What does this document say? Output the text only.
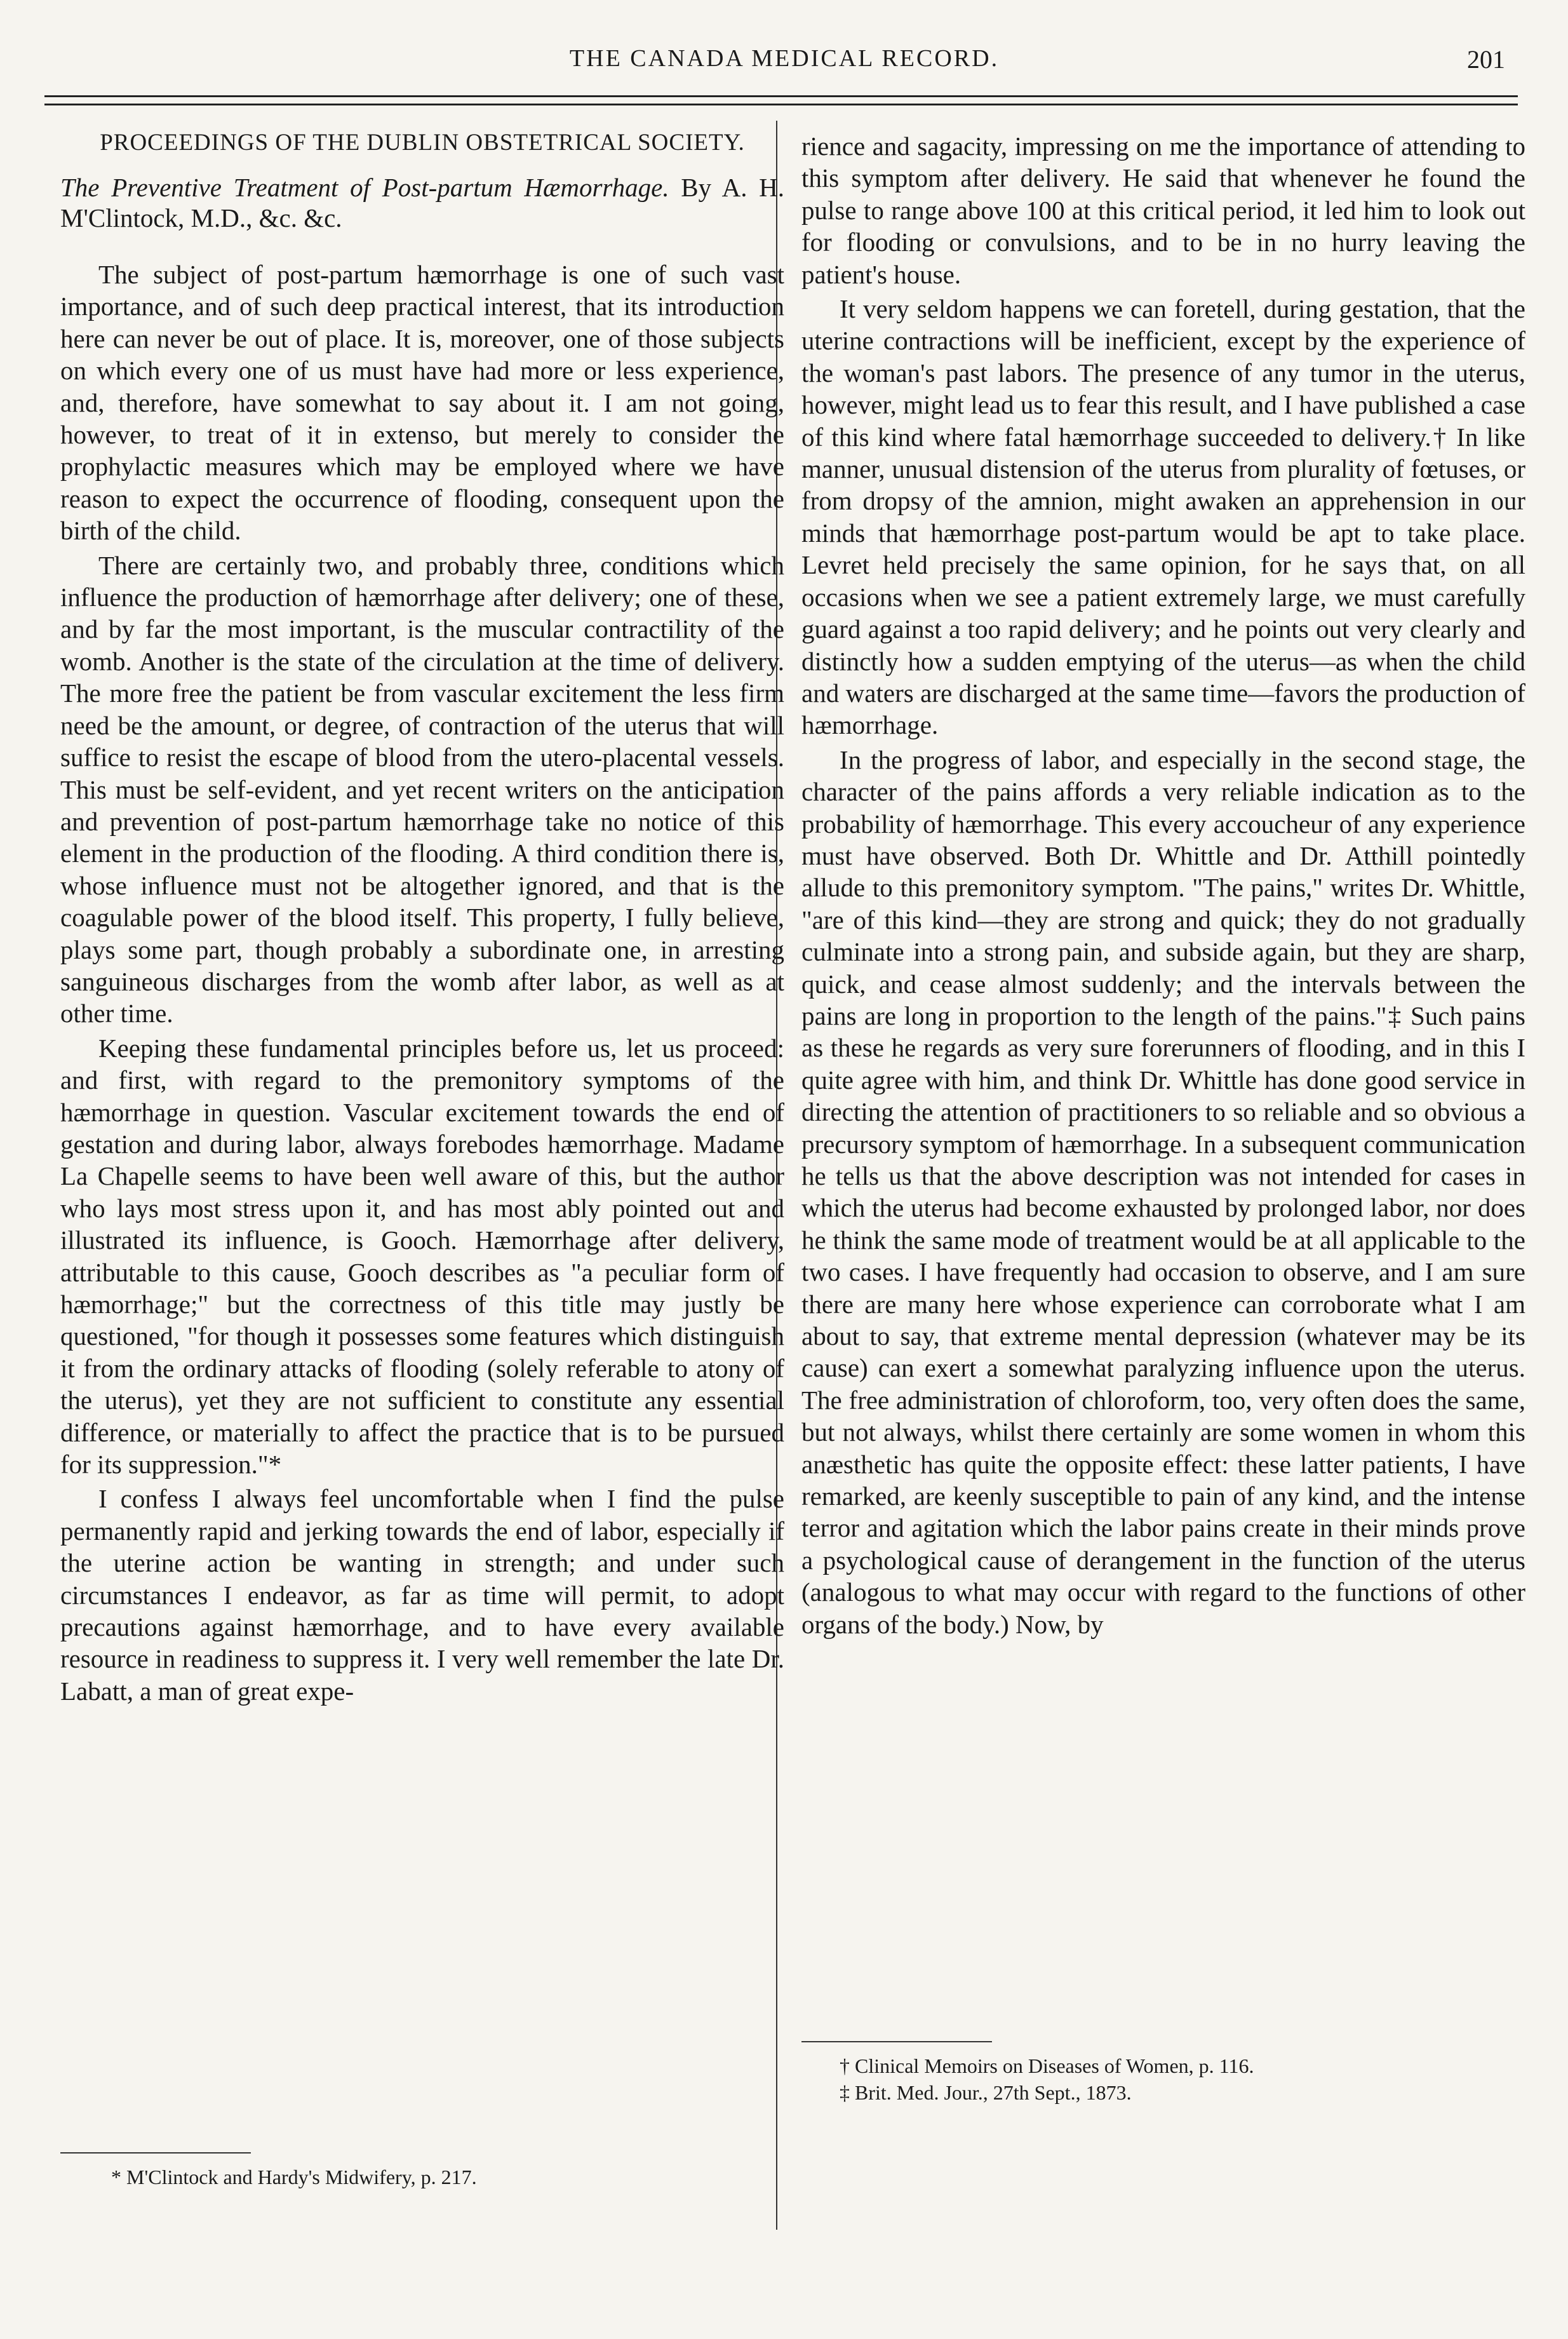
THE CANADA MEDICAL RECORD.	201
PROCEEDINGS OF THE DUBLIN OBSTETRICAL SOCIETY.
The Preventive Treatment of Post-partum Hæmorrhage. By A. H. M'Clintock, M.D., &c. &c.

The subject of post-partum hæmorrhage is one of such vast importance, and of such deep practical interest, that its introduction here can never be out of place. It is, moreover, one of those subjects on which every one of us must have had more or less experience, and, therefore, have somewhat to say about it. I am not going, however, to treat of it in extenso, but merely to consider the prophylactic measures which may be employed where we have reason to expect the occurrence of flooding, consequent upon the birth of the child.

There are certainly two, and probably three, conditions which influence the production of hæmorrhage after delivery; one of these, and by far the most important, is the muscular contractility of the womb. Another is the state of the circulation at the time of delivery. The more free the patient be from vascular excitement the less firm need be the amount, or degree, of contraction of the uterus that will suffice to resist the escape of blood from the utero-placental vessels. This must be self-evident, and yet recent writers on the anticipation and prevention of post-partum hæmorrhage take no notice of this element in the production of the flooding. A third condition there is, whose influence must not be altogether ignored, and that is the coagulable power of the blood itself. This property, I fully believe, plays some part, though probably a subordinate one, in arresting sanguineous discharges from the womb after labor, as well as at other time.

Keeping these fundamental principles before us, let us proceed: and first, with regard to the premonitory symptoms of the hæmorrhage in question. Vascular excitement towards the end of gestation and during labor, always forebodes hæmorrhage. Madame La Chapelle seems to have been well aware of this, but the author who lays most stress upon it, and has most ably pointed out and illustrated its influence, is Gooch. Hæmorrhage after delivery, attributable to this cause, Gooch describes as "a peculiar form of hæmorrhage;" but the correctness of this title may justly be questioned, "for though it possesses some features which distinguish it from the ordinary attacks of flooding (solely referable to atony of the uterus), yet they are not sufficient to constitute any essential difference, or materially to affect the practice that is to be pursued for its suppression."*

I confess I always feel uncomfortable when I find the pulse permanently rapid and jerking towards the end of labor, especially if the uterine action be wanting in strength; and under such circumstances I endeavor, as far as time will permit, to adopt precautions against hæmorrhage, and to have every available resource in readiness to suppress it. I very well remember the late Dr. Labatt, a man of great expe-

* M'Clintock and Hardy's Midwifery, p. 217.

rience and sagacity, impressing on me the importance of attending to this symptom after delivery. He said that whenever he found the pulse to range above 100 at this critical period, it led him to look out for flooding or convulsions, and to be in no hurry leaving the patient's house.

It very seldom happens we can foretell, during gestation, that the uterine contractions will be inefficient, except by the experience of the woman's past labors. The presence of any tumor in the uterus, however, might lead us to fear this result, and I have published a case of this kind where fatal hæmorrhage succeeded to delivery.† In like manner, unusual distension of the uterus from plurality of fœtuses, or from dropsy of the amnion, might awaken an apprehension in our minds that hæmorrhage post-partum would be apt to take place. Levret held precisely the same opinion, for he says that, on all occasions when we see a patient extremely large, we must carefully guard against a too rapid delivery; and he points out very clearly and distinctly how a sudden emptying of the uterus—as when the child and waters are discharged at the same time—favors the production of hæmorrhage.

In the progress of labor, and especially in the second stage, the character of the pains affords a very reliable indication as to the probability of hæmorrhage. This every accoucheur of any experience must have observed. Both Dr. Whittle and Dr. Atthill pointedly allude to this premonitory symptom. "The pains," writes Dr. Whittle, "are of this kind—they are strong and quick; they do not gradually culminate into a strong pain, and subside again, but they are sharp, quick, and cease almost suddenly; and the intervals between the pains are long in proportion to the length of the pains."‡ Such pains as these he regards as very sure forerunners of flooding, and in this I quite agree with him, and think Dr. Whittle has done good service in directing the attention of practitioners to so reliable and so obvious a precursory symptom of hæmorrhage. In a subsequent communication he tells us that the above description was not intended for cases in which the uterus had become exhausted by prolonged labor, nor does he think the same mode of treatment would be at all applicable to the two cases. I have frequently had occasion to observe, and I am sure there are many here whose experience can corroborate what I am about to say, that extreme mental depression (whatever may be its cause) can exert a somewhat paralyzing influence upon the uterus. The free administration of chloroform, too, very often does the same, but not always, whilst there certainly are some women in whom this anæsthetic has quite the opposite effect: these latter patients, I have remarked, are keenly susceptible to pain of any kind, and the intense terror and agitation which the labor pains create in their minds prove a psychological cause of derangement in the function of the uterus (analogous to what may occur with regard to the functions of other organs of the body.) Now, by

† Clinical Memoirs on Diseases of Women, p. 116.
‡ Brit. Med. Jour., 27th Sept., 1873.
